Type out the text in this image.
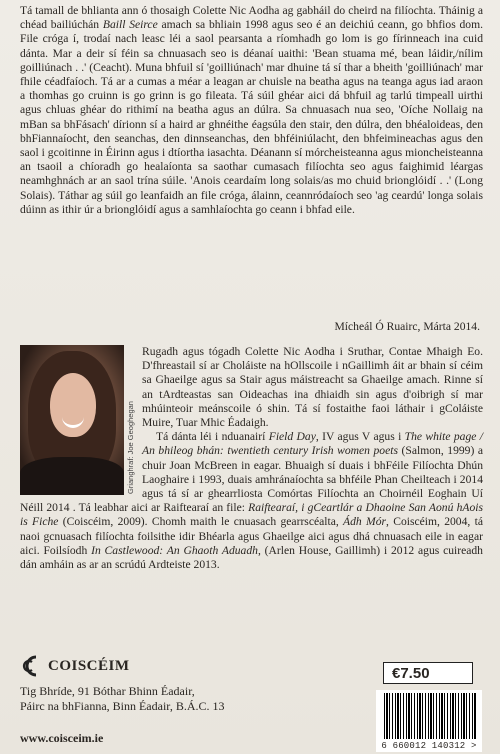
Tá tamall de bhlianta ann ó thosaigh Colette Nic Aodha ag gabháil do cheird na filíochta. Tháinig a chéad bailiúchán Baill Seirce amach sa bhliain 1998 agus seo é an deichiú ceann, go bhfios dom. File cróga í, trodaí nach leasc léi a saol pearsanta a ríomhadh go lom is go fírinneach ina cuid dánta. Mar a deir sí féin sa chnuasach seo is déanaí uaithi: 'Bean stuama mé, bean láidir,/nílim goilliúnach . .' (Ceacht). Muna bhfuil sí 'goilliúnach' mar dhuine tá sí thar a bheith 'goilliúnach' mar fhile céadfaíoch. Tá ar a cumas a méar a leagan ar chuisle na beatha agus na teanga agus iad araon a thomhas go cruinn is go grinn is go fileata. Tá súil ghéar aici dá bhfuil ag tarlú timpeall uirthi agus chluas ghéar do rithimí na beatha agus an dúlra. Sa chnuasach nua seo, 'Oíche Nollaig na mBan sa bhFásach' dírionn sí a haird ar ghnéithe éagsúla den stair, den dúlra, den bhéaloideas, den bhFiannaíocht, den seanchas, den dinnseanchas, den bhféiniúlacht, den bhfeimineachas agus den saol i gcoitinne in Éirinn agus i dtíortha iasachta. Déanann sí mórcheisteanna agus mioncheisteanna an tsaoil a chíoradh go healaíonta sa saothar cumasach filíochta seo agus faighimid léargas neamhghnách ar an saol trína súile. 'Anois ceardaím long solais/as mo chuid brionglóidí . .' (Long Solais). Táthar ag súil go leanfaidh an file cróga, álainn, ceannródaíoch seo 'ag ceardú' longa solais dúinn as ithir úr a brionglóidí agus a samhlaíochta go ceann i bhfad eile.

Mícheál Ó Ruairc, Márta 2014.

Grianghraf: Joe Geoghegan

Rugadh agus tógadh Colette Nic Aodha i Sruthar, Contae Mhaigh Eo. D'fhreastail sí ar Choláiste na hOllscoile i nGaillimh áit ar bhain sí céim sa Ghaeilge agus sa Stair agus máistreacht sa Ghaeilge amach. Rinne sí an tArdteastas san Oideachas ina dhiaidh sin agus d'oibrigh sí mar mhúinteoir meánscoile ó shin. Tá sí fostaithe faoi láthair i gColáiste Muire, Tuar Mhic Éadaigh.

Tá dánta léi i nduanairí Field Day, IV agus V agus i The white page / An bhileog bhán: twentieth century Irish women poets (Salmon, 1999) a chuir Joan McBreen in eagar. Bhuaigh sí duais i bhFéile Filíochta Dhún Laoghaire i 1993, duais amhránaíochta sa bhféile Phan Cheilteach i 2014 agus tá sí ar ghearrliosta Comórtas Filíochta an Choirnéil Eoghain Uí Néill 2014 . Tá leabhar aici ar Raiftearaí an file: Raiftearaí, i gCeartlár a Dhaoine San Aonú hAois is Fiche (Coiscéim, 2009). Chomh maith le cnuasach gearrscéalta, Ádh Mór, Coiscéim, 2004, tá naoi gcnuasach filíochta foilsithe idir Bhéarla agus Ghaeilge aici agus dhá chnuasach eile in eagar aici. Foilsíodh In Castlewood: An Ghaoth Aduadh, (Arlen House, Gaillimh) i 2012 agus cuireadh dán amháin as ar an scrúdú Ardteiste 2013.

COISCÉIM
Tig Bhríde, 91 Bóthar Bhinn Éadair,
Páirc na bhFianna, Binn Éadair, B.Á.C. 13
www.coisceim.ie
€7.50
6 660012 140312 >
